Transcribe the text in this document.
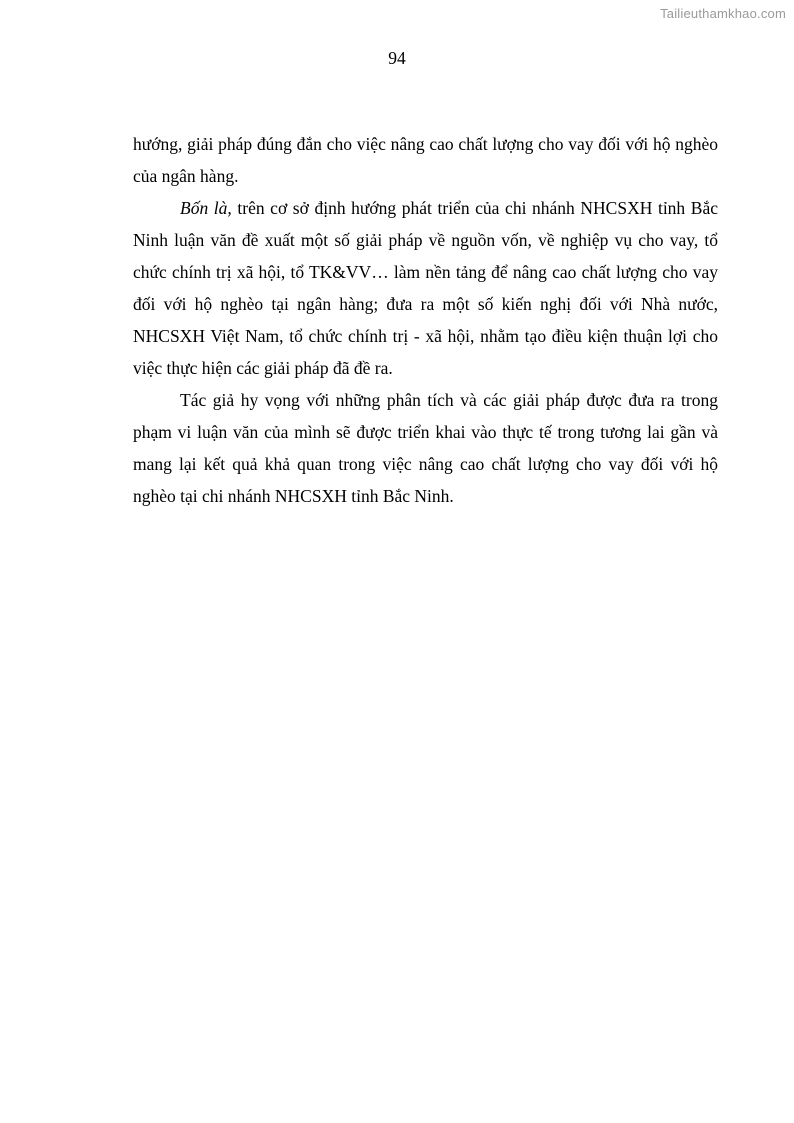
Tailieuthamkhao.com
94

hướng, giải pháp đúng đắn cho việc nâng cao chất lượng cho vay đối với hộ nghèo của ngân hàng.

Bốn là, trên cơ sở định hướng phát triển của chi nhánh NHCSXH tỉnh Bắc Ninh luận văn đề xuất một số giải pháp về nguồn vốn, về nghiệp vụ cho vay, tổ chức chính trị xã hội, tổ TK&VV… làm nền tảng để nâng cao chất lượng cho vay đối với hộ nghèo tại ngân hàng; đưa ra một số kiến nghị đối với Nhà nước, NHCSXH Việt Nam, tổ chức chính trị - xã hội, nhằm tạo điều kiện thuận lợi cho việc thực hiện các giải pháp đã đề ra.

Tác giả hy vọng với những phân tích và các giải pháp được đưa ra trong phạm vi luận văn của mình sẽ được triển khai vào thực tế trong tương lai gần và mang lại kết quả khả quan trong việc nâng cao chất lượng cho vay đối với hộ nghèo tại chi nhánh NHCSXH tỉnh Bắc Ninh.
